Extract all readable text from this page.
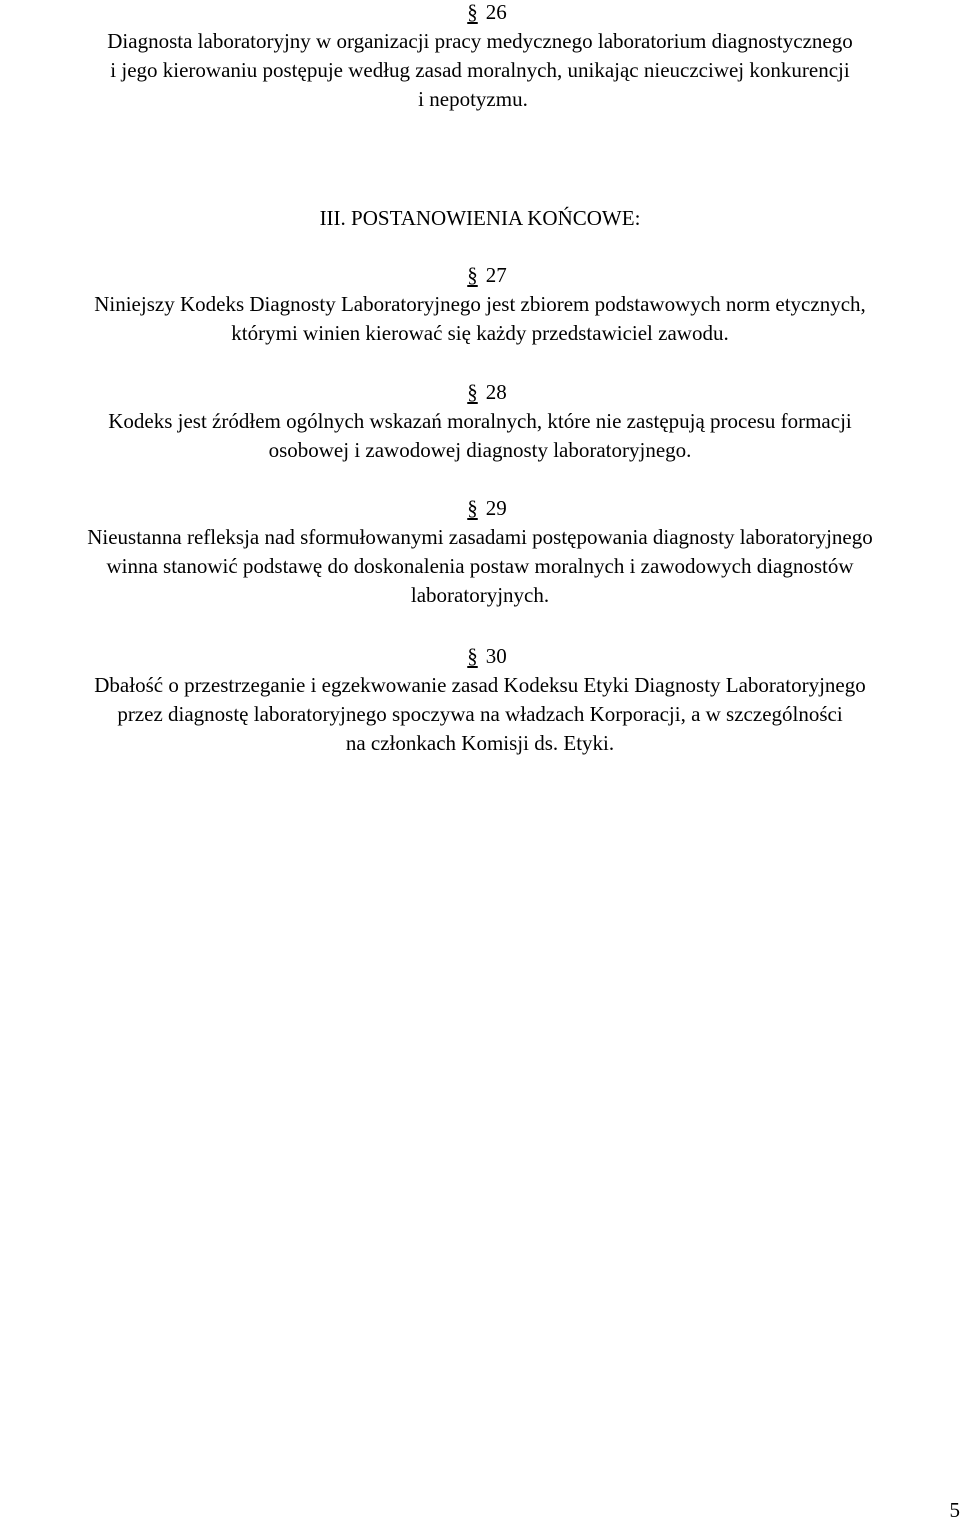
§ 26
Diagnosta laboratoryjny w organizacji pracy medycznego laboratorium diagnostycznego
i jego kierowaniu postępuje według zasad moralnych, unikając nieuczciwej konkurencji
i nepotyzmu.
III. POSTANOWIENIA KOŃCOWE:
§ 27
Niniejszy Kodeks Diagnosty Laboratoryjnego jest zbiorem podstawowych norm etycznych,
którymi winien kierować się każdy przedstawiciel zawodu.
§ 28
Kodeks jest źródłem ogólnych wskazań moralnych, które nie zastępują procesu formacji
osobowej i zawodowej diagnosty laboratoryjnego.
§ 29
Nieustanna refleksja nad sformułowanymi zasadami postępowania diagnosty laboratoryjnego
winna stanowić podstawę do doskonalenia postaw moralnych i zawodowych diagnostów
laboratoryjnych.
§ 30
Dbałość o przestrzeganie i egzekwowanie zasad Kodeksu Etyki Diagnosty Laboratoryjnego
przez diagnostę laboratoryjnego spoczywa na władzach Korporacji, a w szczególności
na członkach Komisji ds. Etyki.
5
